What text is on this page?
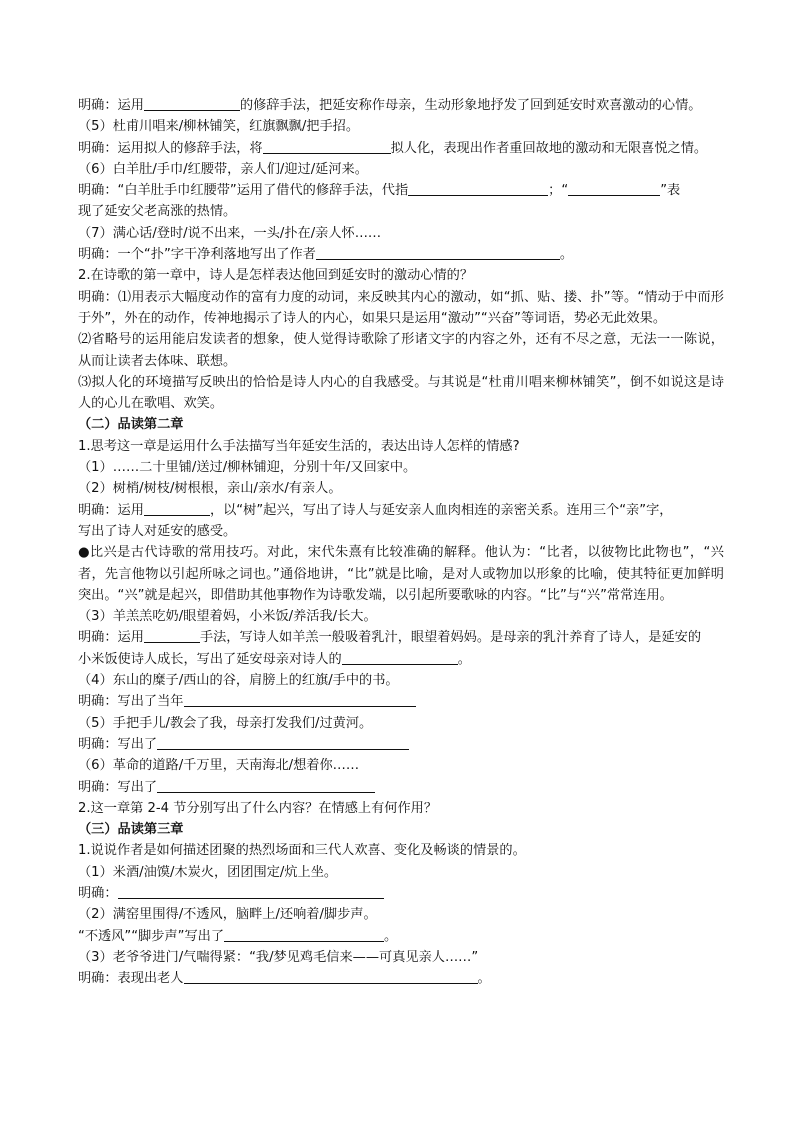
明确：运用	的修辞手法，把延安称作母亲，生动形象地抒发了回到延安时欢喜激动的心情。
（5）杜甫川唱来/柳林铺笑，红旗飘飘/把手招。
明确：运用拟人的修辞手法，将	拟人化，表现出作者重回故地的激动和无限喜悦之情。
（6）白羊肚/手巾/红腰带，亲人们/迎过/延河来。
明确：“白羊肚手巾红腰带”运用了借代的修辞手法，代指	；“	”表
现了延安父老高涨的热情。
（7）满心话/登时/说不出来，一头/扑在/亲人怀……
明确：一个“扑”字干净利落地写出了作者	。
2.在诗歌的第一章中，诗人是怎样表达他回到延安时的激动心情的？
明确：⑴用表示大幅度动作的富有力度的动词，来反映其内心的激动，如“抓、贴、搂、扑”等。“情动于中而形于外”，外在的动作，传神地揭示了诗人的内心，如果只是运用“激动”“兴奋”等词语，势必无此效果。
⑵省略号的运用能启发读者的想象，使人觉得诗歌除了形诸文字的内容之外，还有不尽之意，无法一一陈说，从而让读者去体味、联想。
⑶拟人化的环境描写反映出的恰恰是诗人内心的自我感受。与其说是“杜甫川唱来柳林铺笑”，倒不如说这是诗人的心儿在歌唱、欢笑。
（二）品读第二章
1.思考这一章是运用什么手法描写当年延安生活的，表达出诗人怎样的情感?
（1）……二十里铺/送过/柳林铺迎，分别十年/又回家中。
（2）树梢/树枝/树根根，亲山/亲水/有亲人。
明确：运用	，以“树”起兴，写出了诗人与延安亲人血肉相连的亲密关系。连用三个“亲”字，
写出了诗人对延安的感受。
●比兴是古代诗歌的常用技巧。对此，宋代朱熹有比较准确的解释。他认为：“比者，以彼物比此物也”，“兴者，先言他物以引起所咏之词也。”通俗地讲，“比”就是比喻，是对人或物加以形象的比喻，使其特征更加鲜明突出。“兴”就是起兴，即借助其他事物作为诗歌发端，以引起所要歌咏的内容。“比”与“兴”常常连用。
（3）羊羔羔吃奶/眼望着妈，小米饭/养活我/长大。
明确：运用	手法，写诗人如羊羔一般吸着乳汁，眼望着妈妈。是母亲的乳汁养育了诗人，是延安的
小米饭使诗人成长，写出了延安母亲对诗人的	。
（4）东山的糜子/西山的谷，肩膀上的红旗/手中的书。
明确：写出了当年
（5）手把手儿/教会了我，母亲打发我们/过黄河。
明确：写出了
（6）革命的道路/千万里，天南海北/想着你……
明确：写出了
2.这一章第 2-4 节分别写出了什么内容？在情感上有何作用？
（三）品读第三章
1.说说作者是如何描述团聚的热烈场面和三代人欢喜、变化及畅谈的情景的。
（1）米酒/油馍/木炭火，团团围定/炕上坐。
明确：
（2）满窑里围得/不透风，脑畔上/还响着/脚步声。
“不透风”“脚步声”写出了	。
（3）老爷爷进门/气喘得紧：“我/梦见鸡毛信来——可真见亲人……”
明确：表现出老人	。
